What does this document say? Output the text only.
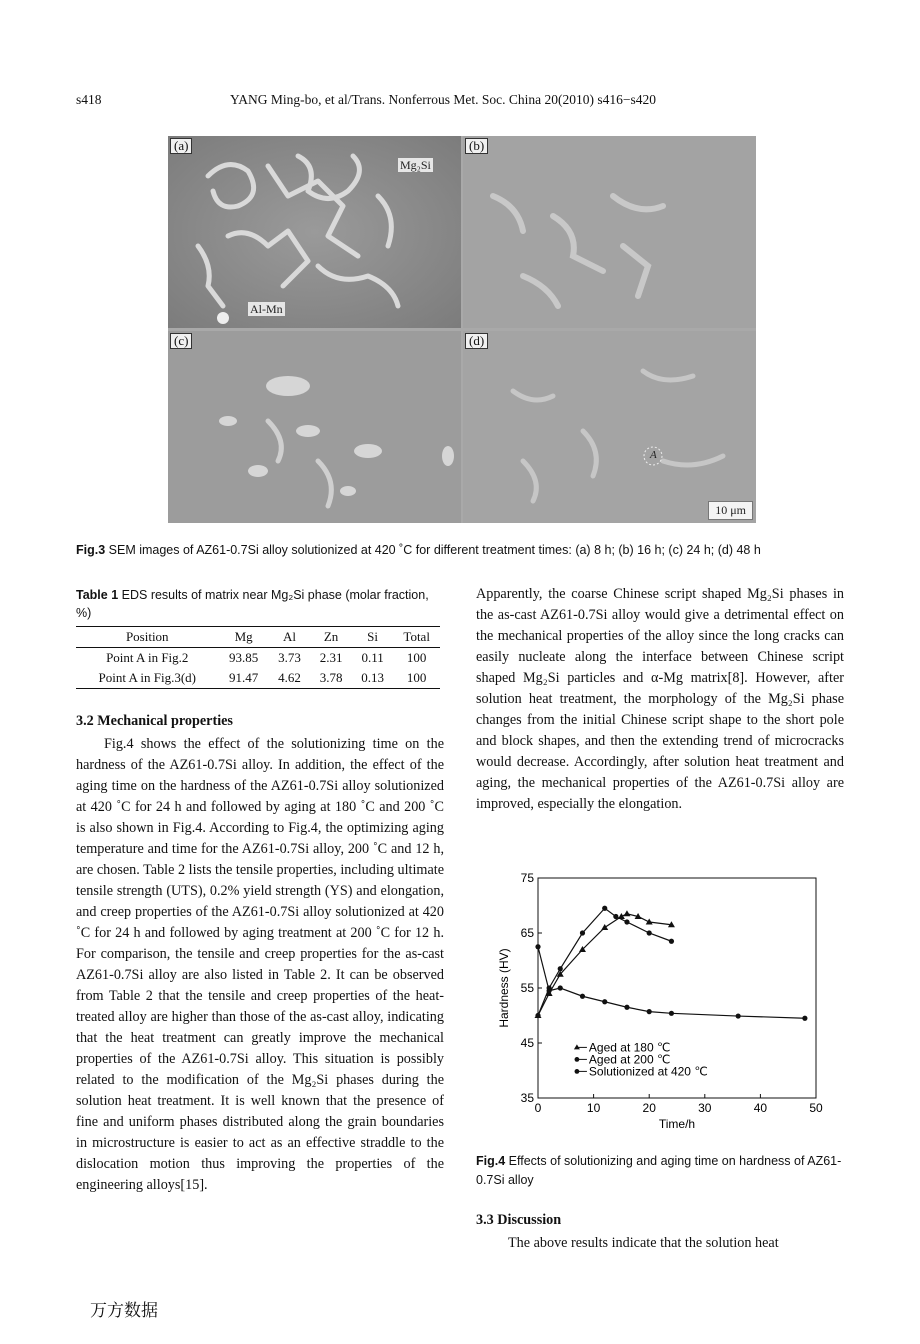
s418	YANG Ming-bo, et al/Trans. Nonferrous Met. Soc. China 20(2010) s416−s420
(a)
Mg₂Si
Al-Mn
(b)
(c)	(d)
A
10 μm
Fig.3 SEM images of AZ61-0.7Si alloy solutionized at 420 ˚C for different treatment times: (a) 8 h; (b) 16 h; (c) 24 h; (d) 48 h
Table 1 EDS results of matrix near Mg₂Si phase (molar fraction, %)
Position	Mg	Al	Zn	Si	Total
Point A in Fig.2	93.85	3.73	2.31	0.11	100
Point A in Fig.3(d)	91.47	4.62	3.78	0.13	100
3.2 Mechanical properties
Fig.4 shows the effect of the solutionizing time on the hardness of the AZ61-0.7Si alloy. In addition, the effect of the aging time on the hardness of the AZ61-0.7Si alloy solutionized at 420 ˚C for 24 h and followed by aging at 180 ˚C and 200 ˚C is also shown in Fig.4. According to Fig.4, the optimizing aging temperature and time for the AZ61-0.7Si alloy, 200 ˚C and 12 h, are chosen. Table 2 lists the tensile properties, including ultimate tensile strength (UTS), 0.2% yield strength (YS) and elongation, and creep properties of the AZ61-0.7Si alloy solutionized at 420 ˚C for 24 h and followed by aging treatment at 200 ˚C for 12 h. For comparison, the tensile and creep properties for the as-cast AZ61-0.7Si alloy are also listed in Table 2. It can be observed from Table 2 that the tensile and creep properties of the heat-treated alloy are higher than those of the as-cast alloy, indicating that the heat treatment can greatly improve the mechanical properties of the AZ61-0.7Si alloy. This situation is possibly related to the modification of the Mg₂Si phases during the solution heat treatment. It is well known that the presence of fine and uniform phases distributed along the grain boundaries in microstructure is easier to act as an effective straddle to the dislocation motion thus improving the properties of the engineering alloys[15].
Apparently, the coarse Chinese script shaped Mg₂Si phases in the as-cast AZ61-0.7Si alloy would give a detrimental effect on the mechanical properties of the alloy since the long cracks can easily nucleate along the interface between Chinese script shaped Mg₂Si particles and α-Mg matrix[8]. However, after solution heat treatment, the morphology of the Mg₂Si phase changes from the initial Chinese script shape to the short pole and block shapes, and then the extending trend of microcracks would decrease. Accordingly, after solution heat treatment and aging, the mechanical properties of the AZ61-0.7Si alloy are improved, especially the elongation.
0	10	20	30	40	50
35
45
55
65
75
Time/h
Hardness (HV)
Aged at 180 ℃
Aged at 200 ℃
Solutionized at 420 ℃
Fig.4 Effects of solutionizing and aging time on hardness of AZ61-0.7Si alloy
3.3 Discussion
The above results indicate that the solution heat
万方数据
